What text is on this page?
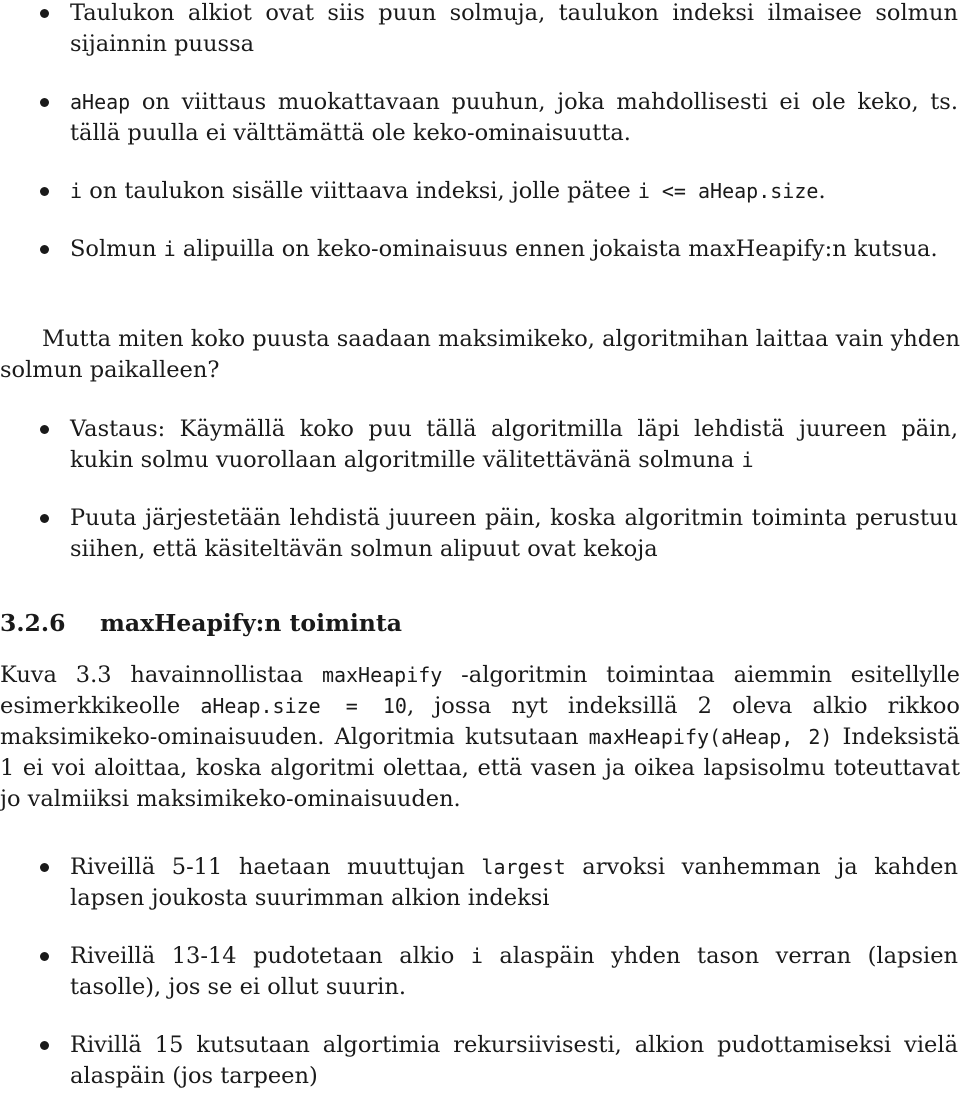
Taulukon alkiot ovat siis puun solmuja, taulukon indeksi ilmaisee solmun sijainnin puussa
aHeap on viittaus muokattavaan puuhun, joka mahdollisesti ei ole keko, ts. tällä puulla ei välttämättä ole keko-ominaisuutta.
i on taulukon sisälle viittaava indeksi, jolle pätee i <= aHeap.size.
Solmun i alipuilla on keko-ominaisuus ennen jokaista maxHeapify:n kutsua.

Mutta miten koko puusta saadaan maksimikeko, algoritmihan laittaa vain yhden solmun paikalleen?

Vastaus: Käymällä koko puu tällä algoritmilla läpi lehdistä juureen päin, kukin solmu vuorollaan algoritmille välitettävänä solmuna i
Puuta järjestetään lehdistä juureen päin, koska algoritmin toiminta perustuu siihen, että käsiteltävän solmun alipuut ovat kekoja
3.2.6 maxHeapify:n toiminta

Kuva 3.3 havainnollistaa maxHeapify -algoritmin toimintaa aiemmin esitellylle esimerkkikeolle aHeap.size = 10, jossa nyt indeksillä 2 oleva alkio rikkoo maksimikeko-ominaisuuden. Algoritmia kutsutaan maxHeapify(aHeap, 2) Indeksistä 1 ei voi aloittaa, koska algoritmi olettaa, että vasen ja oikea lapsisolmu toteuttavat jo valmiiksi maksimikeko-ominaisuuden.

Riveillä 5-11 haetaan muuttujan largest arvoksi vanhemman ja kahden lapsen joukosta suurimman alkion indeksi
Riveillä 13-14 pudotetaan alkio i alaspäin yhden tason verran (lapsien tasolle), jos se ei ollut suurin.
Rivillä 15 kutsutaan algortimia rekursiivisesti, alkion pudottamiseksi vielä alaspäin (jos tarpeen)
